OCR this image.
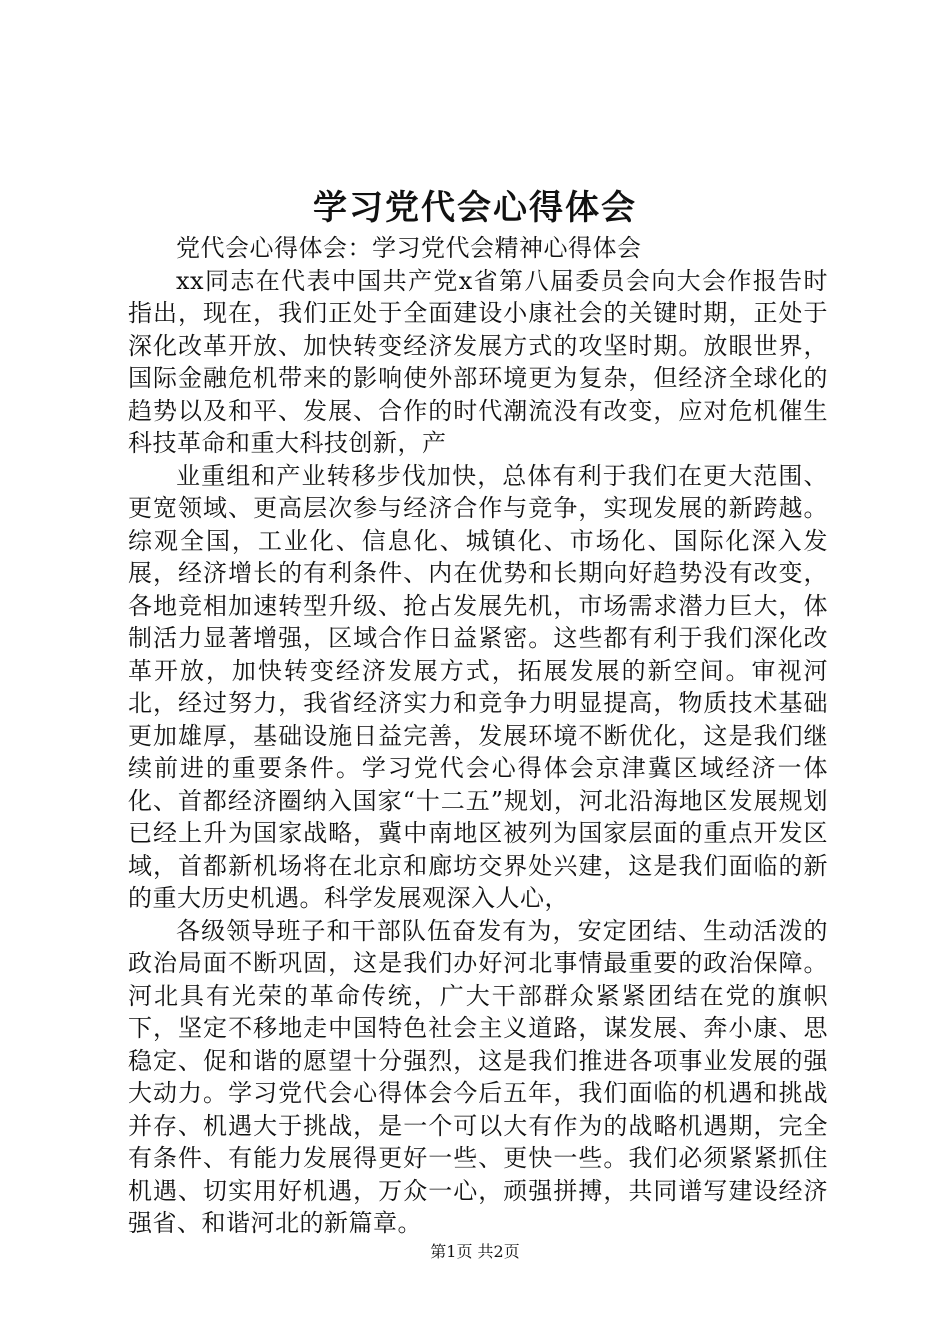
学习党代会心得体会

党代会心得体会：学习党代会精神心得体会

xx同志在代表中国共产党x省第八届委员会向大会作报告时指出，现在，我们正处于全面建设小康社会的关键时期，正处于深化改革开放、加快转变经济发展方式的攻坚时期。放眼世界，国际金融危机带来的影响使外部环境更为复杂，但经济全球化的趋势以及和平、发展、合作的时代潮流没有改变，应对危机催生科技革命和重大科技创新，产

业重组和产业转移步伐加快，总体有利于我们在更大范围、更宽领域、更高层次参与经济合作与竞争，实现发展的新跨越。综观全国，工业化、信息化、城镇化、市场化、国际化深入发展，经济增长的有利条件、内在优势和长期向好趋势没有改变，各地竞相加速转型升级、抢占发展先机，市场需求潜力巨大，体制活力显著增强，区域合作日益紧密。这些都有利于我们深化改革开放，加快转变经济发展方式，拓展发展的新空间。审视河北，经过努力，我省经济实力和竞争力明显提高，物质技术基础更加雄厚，基础设施日益完善，发展环境不断优化，这是我们继续前进的重要条件。学习党代会心得体会京津冀区域经济一体化、首都经济圈纳入国家“十二五”规划，河北沿海地区发展规划已经上升为国家战略，冀中南地区被列为国家层面的重点开发区域，首都新机场将在北京和廊坊交界处兴建，这是我们面临的新的重大历史机遇。科学发展观深入人心，

各级领导班子和干部队伍奋发有为，安定团结、生动活泼的政治局面不断巩固，这是我们办好河北事情最重要的政治保障。河北具有光荣的革命传统，广大干部群众紧紧团结在党的旗帜下，坚定不移地走中国特色社会主义道路，谋发展、奔小康、思稳定、促和谐的愿望十分强烈，这是我们推进各项事业发展的强大动力。学习党代会心得体会今后五年，我们面临的机遇和挑战并存、机遇大于挑战，是一个可以大有作为的战略机遇期，完全有条件、有能力发展得更好一些、更快一些。我们必须紧紧抓住机遇、切实用好机遇，万众一心，顽强拼搏，共同谱写建设经济强省、和谐河北的新篇章。

第1页 共2页
